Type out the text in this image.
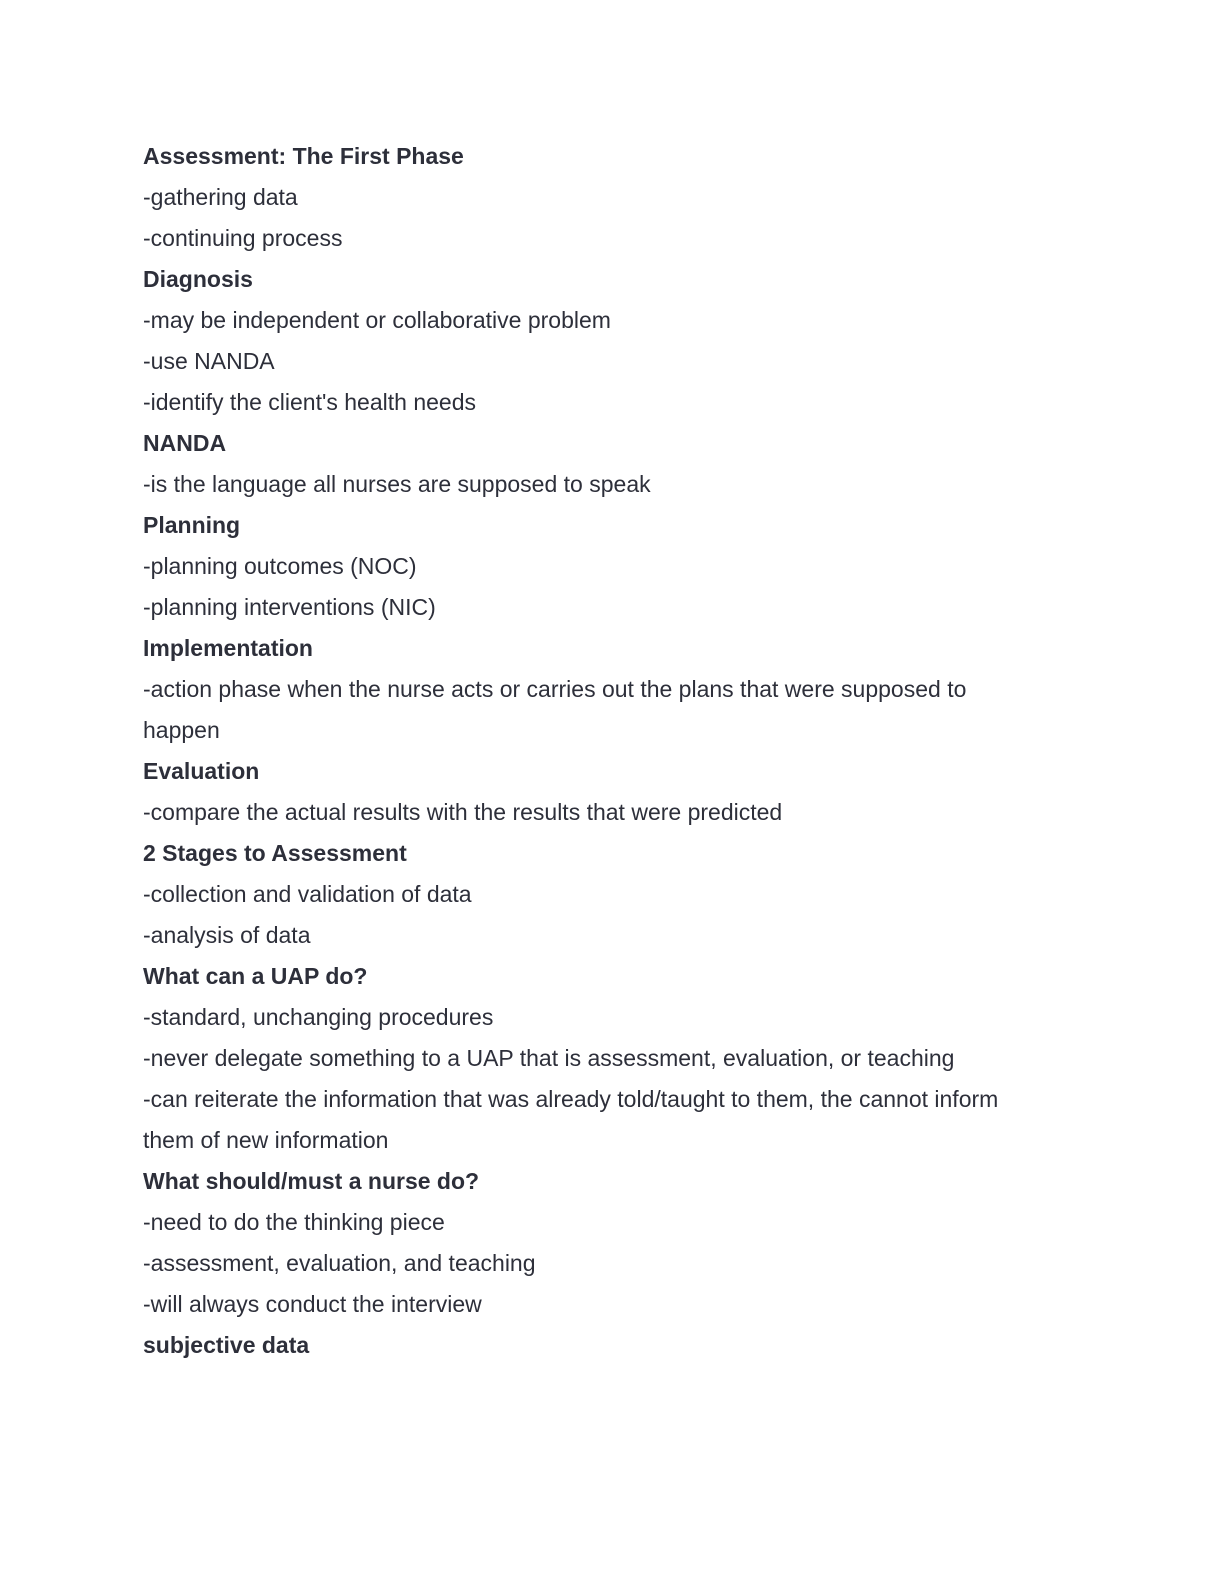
Assessment: The First Phase
-gathering data
-continuing process
Diagnosis
-may be independent or collaborative problem
-use NANDA
-identify the client's health needs
NANDA
-is the language all nurses are supposed to speak
Planning
-planning outcomes (NOC)
-planning interventions (NIC)
Implementation
-action phase when the nurse acts or carries out the plans that were supposed to happen
Evaluation
-compare the actual results with the results that were predicted
2 Stages to Assessment
-collection and validation of data
-analysis of data
What can a UAP do?
-standard, unchanging procedures
-never delegate something to a UAP that is assessment, evaluation, or teaching
-can reiterate the information that was already told/taught to them, the cannot inform them of new information
What should/must a nurse do?
-need to do the thinking piece
-assessment, evaluation, and teaching
-will always conduct the interview
subjective data
